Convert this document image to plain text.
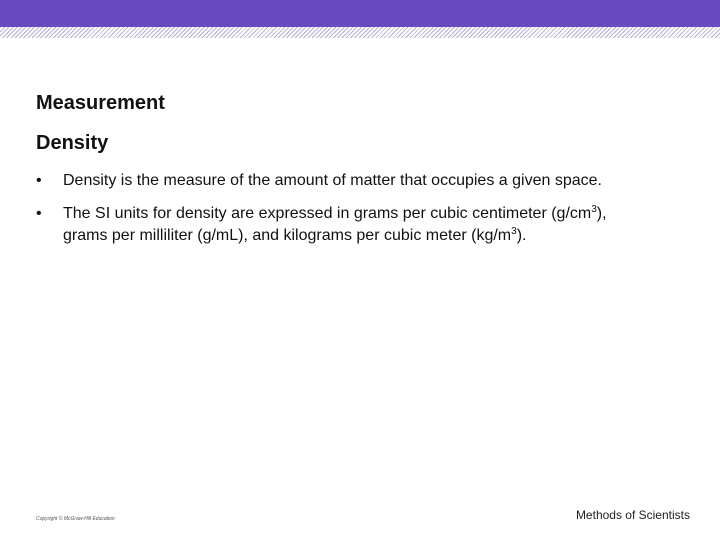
Measurement
Density
•	Density is the measure of the amount of matter that occupies a given space.
•	The SI units for density are expressed in grams per cubic centimeter $(g/cm^3)$, grams per milliliter (g/mL), and kilograms per cubic meter $(kg/m^3)$.
Copyright © McGraw-Hill Education	Methods of Scientists
